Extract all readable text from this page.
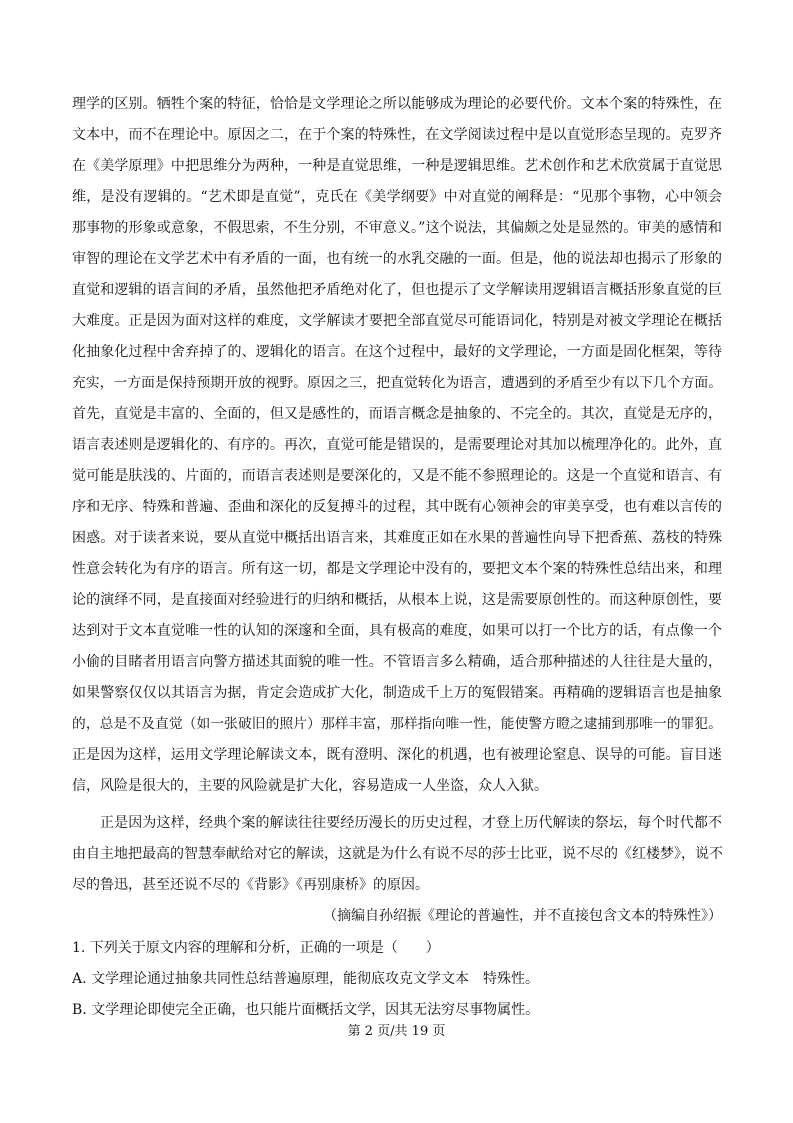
理学的区别。牺牲个案的特征，恰恰是文学理论之所以能够成为理论的必要代价。文本个案的特殊性，在
文本中，而不在理论中。原因之二，在于个案的特殊性，在文学阅读过程中是以直觉形态呈现的。克罗齐
在《美学原理》中把思维分为两种，一种是直觉思维，一种是逻辑思维。艺术创作和艺术欣赏属于直觉思
维，是没有逻辑的。“艺术即是直觉”，克氏在《美学纲要》中对直觉的阐释是：“见那个事物，心中领会
那事物的形象或意象，不假思索，不生分别，不审意义。”这个说法，其偏颇之处是显然的。审美的感情和
审智的理论在文学艺术中有矛盾的一面，也有统一的水乳交融的一面。但是，他的说法却也揭示了形象的
直觉和逻辑的语言间的矛盾，虽然他把矛盾绝对化了，但也提示了文学解读用逻辑语言概括形象直觉的巨
大难度。正是因为面对这样的难度，文学解读才要把全部直觉尽可能语词化，特别是对被文学理论在概括
化抽象化过程中舍弃掉了的、逻辑化的语言。在这个过程中，最好的文学理论，一方面是固化框架，等待
充实，一方面是保持预期开放的视野。原因之三，把直觉转化为语言，遭遇到的矛盾至少有以下几个方面。
首先，直觉是丰富的、全面的，但又是感性的，而语言概念是抽象的、不完全的。其次，直觉是无序的，
语言表述则是逻辑化的、有序的。再次，直觉可能是错误的，是需要理论对其加以梳理净化的。此外，直
觉可能是肤浅的、片面的，而语言表述则是要深化的，又是不能不参照理论的。这是一个直觉和语言、有
序和无序、特殊和普遍、歪曲和深化的反复搏斗的过程，其中既有心领神会的审美享受，也有难以言传的
困惑。对于读者来说，要从直觉中概括出语言来，其难度正如在水果的普遍性向导下把香蕉、荔枝的特殊
性意会转化为有序的语言。所有这一切，都是文学理论中没有的，要把文本个案的特殊性总结出来，和理
论的演绎不同，是直接面对经验进行的归纳和概括，从根本上说，这是需要原创性的。而这种原创性，要
达到对于文本直觉唯一性的认知的深邃和全面，具有极高的难度，如果可以打一个比方的话，有点像一个
小偷的目睹者用语言向警方描述其面貌的唯一性。不管语言多么精确，适合那种描述的人往往是大量的，
如果警察仅仅以其语言为据，肯定会造成扩大化，制造成千上万的冤假错案。再精确的逻辑语言也是抽象
的，总是不及直觉（如一张破旧的照片）那样丰富，那样指向唯一性，能使警方瞪之逮捕到那唯一的罪犯。
正是因为这样，运用文学理论解读文本，既有澄明、深化的机遇，也有被理论窒息、误导的可能。盲目迷
信，风险是很大的，主要的风险就是扩大化，容易造成一人坐盗，众人入狱。
正是因为这样，经典个案的解读往往要经历漫长的历史过程，才登上历代解读的祭坛，每个时代都不
由自主地把最高的智慧奉献给对它的解读，这就是为什么有说不尽的莎士比亚，说不尽的《红楼梦》，说不
尽的鲁迅，甚至还说不尽的《背影》《再别康桥》的原因。
（摘编自孙绍振《理论的普遍性，并不直接包含文本的特殊性》）
1. 下列关于原文内容的理解和分析，正确的一项是（　　）
A. 文学理论通过抽象共同性总结普遍原理，能彻底攻克文学文本　特殊性。
B. 文学理论即使完全正确，也只能片面概括文学，因其无法穷尽事物属性。
第 2 页/共 19 页
